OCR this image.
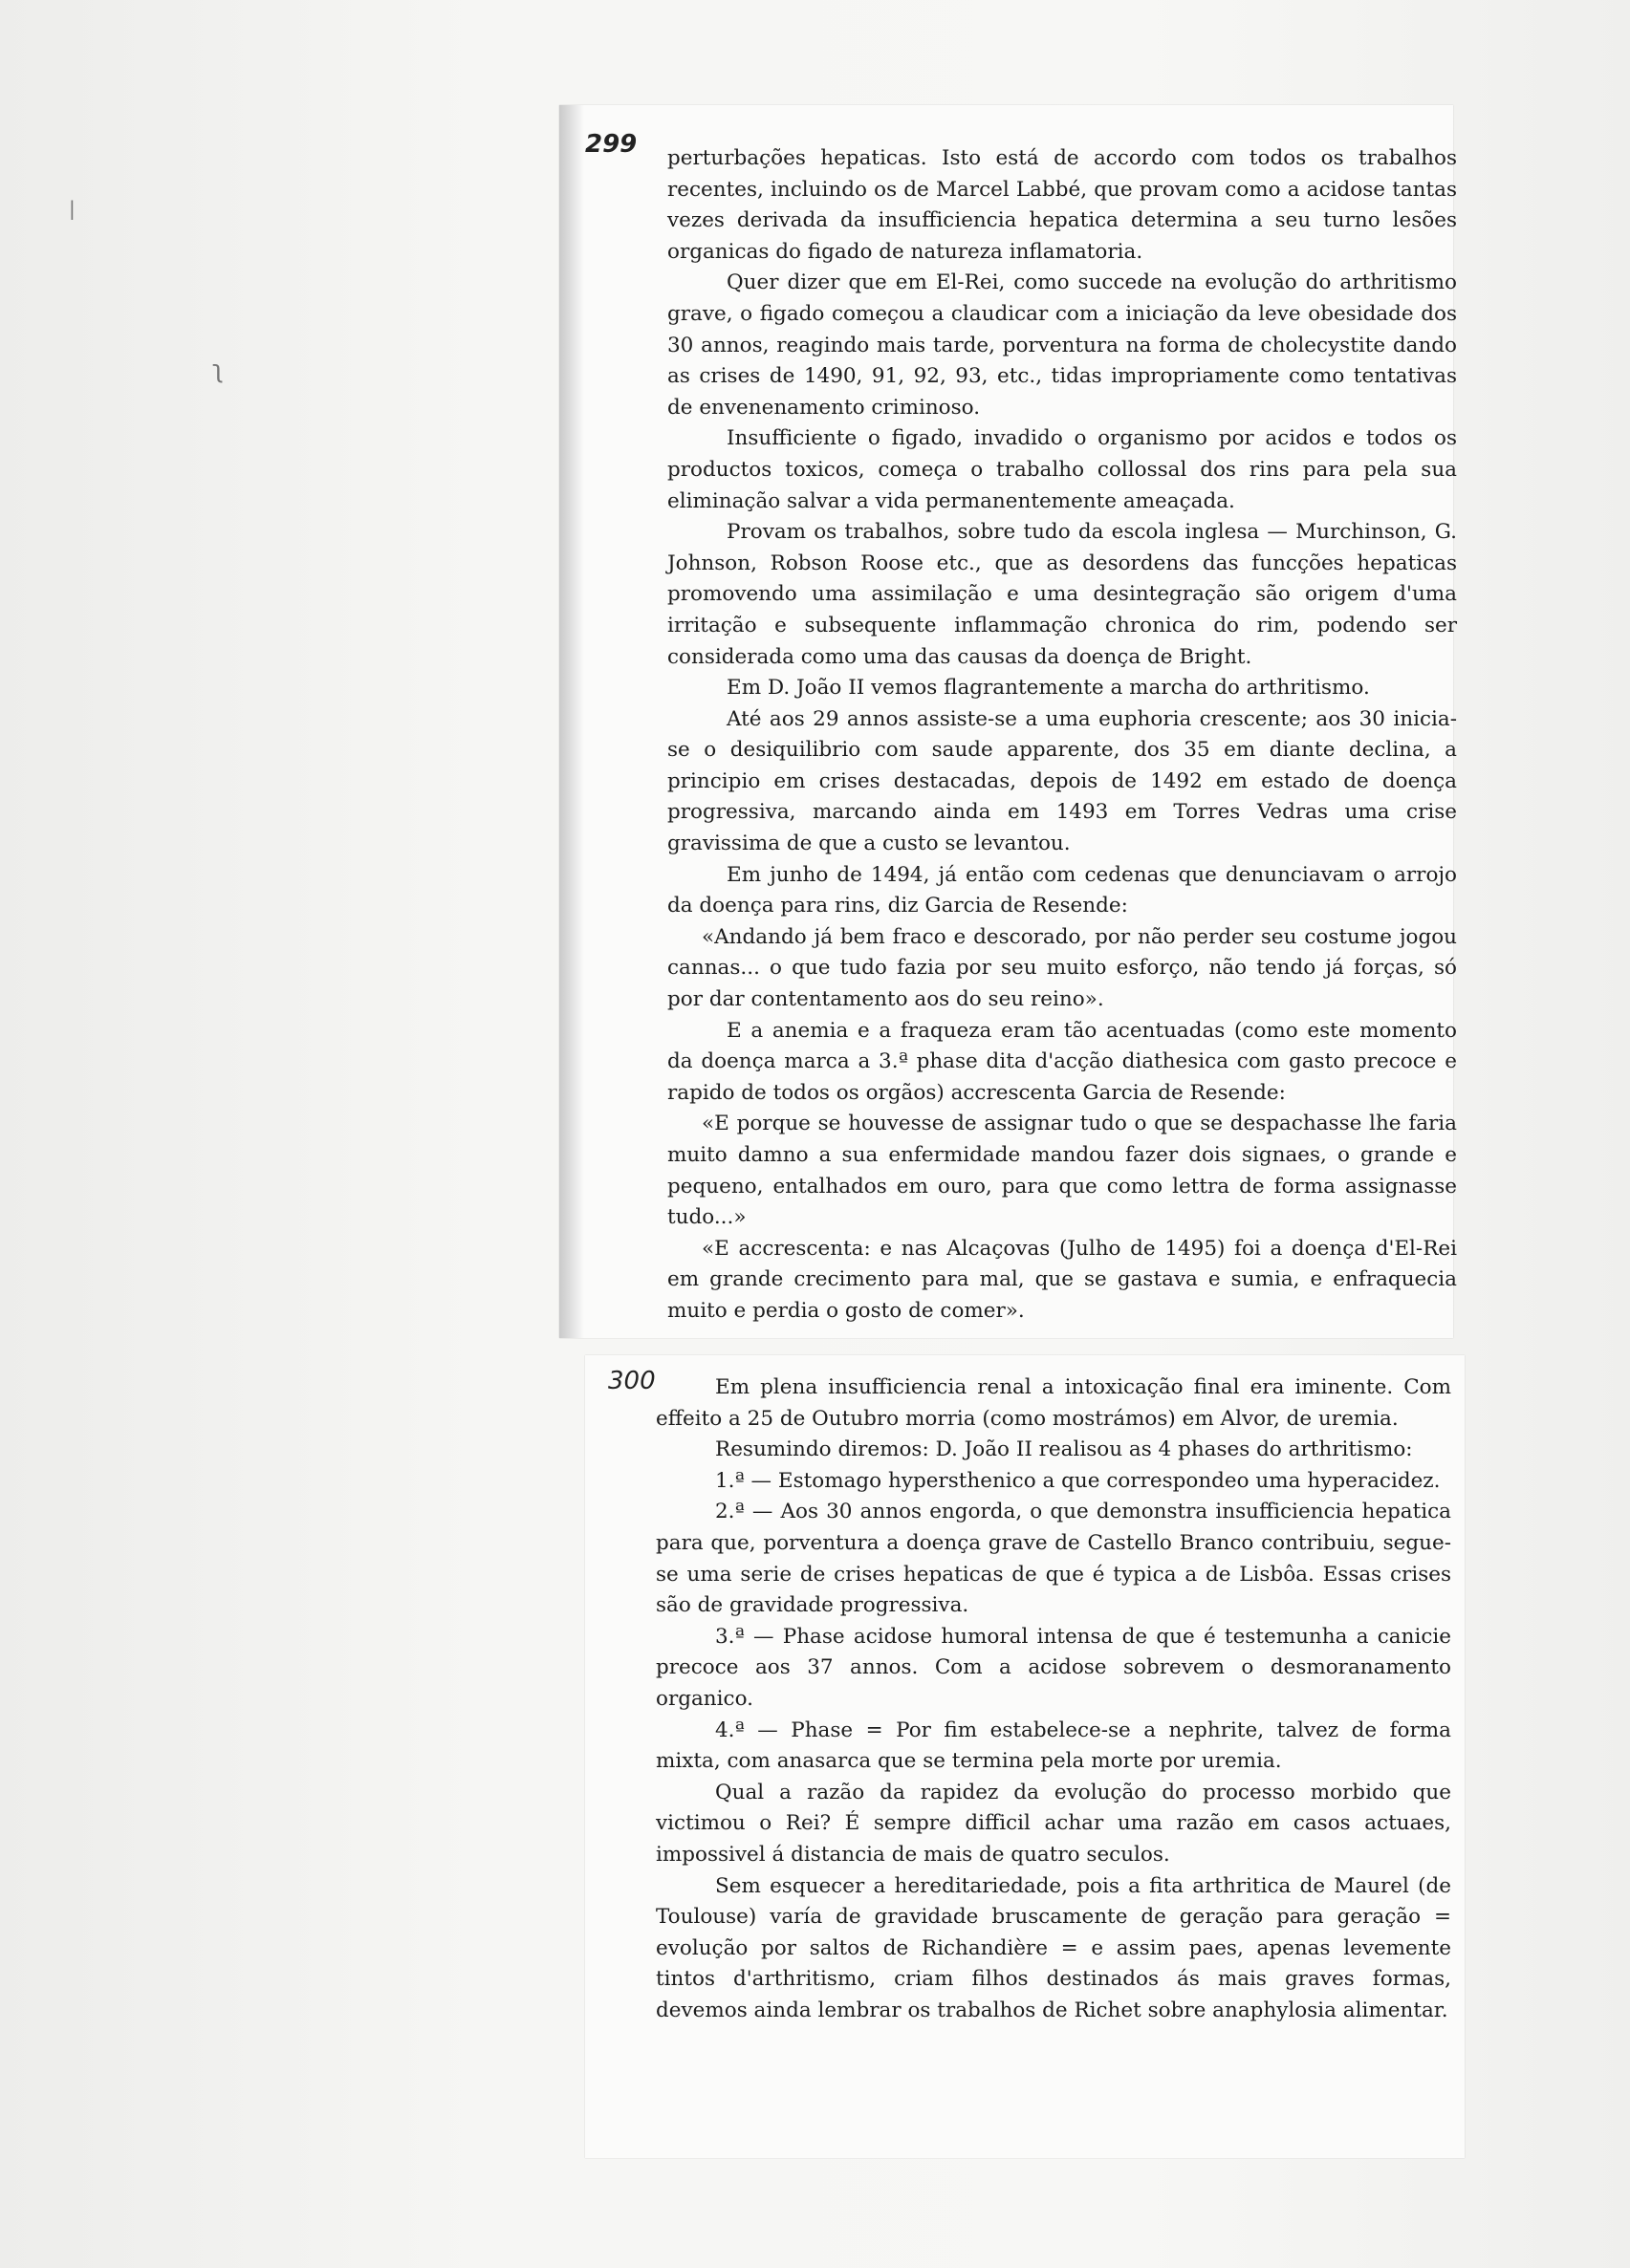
|
ʅ
299
300

perturbações hepaticas. Isto está de accordo com todos os trabalhos recentes, incluindo os de Marcel Labbé, que provam como a acidose tantas vezes derivada da insufficiencia hepatica determina a seu turno lesões organicas do figado de natureza inflamatoria.

Quer dizer que em El-Rei, como succede na evolução do arthritismo grave, o figado começou a claudicar com a iniciação da leve obesidade dos 30 annos, reagindo mais tarde, porventura na forma de cholecystite dando as crises de 1490, 91, 92, 93, etc., tidas impropriamente como tentativas de envenenamento criminoso.

Insufficiente o figado, invadido o organismo por acidos e todos os productos toxicos, começa o trabalho collossal dos rins para pela sua eliminação salvar a vida permanentemente ameaçada.

Provam os trabalhos, sobre tudo da escola inglesa — Murchinson, G. Johnson, Robson Roose etc., que as desordens das funcções hepaticas promovendo uma assimilação e uma desintegração são origem d'uma irritação e subsequente inflammação chronica do rim, podendo ser considerada como uma das causas da doença de Bright.

Em D. João II vemos flagrantemente a marcha do arthritismo.

Até aos 29 annos assiste-se a uma euphoria crescente; aos 30 inicia-se o desiquilibrio com saude apparente, dos 35 em diante declina, a principio em crises destacadas, depois de 1492 em estado de doença progressiva, marcando ainda em 1493 em Torres Vedras uma crise gravissima de que a custo se levantou.

Em junho de 1494, já então com cedenas que denunciavam o arrojo da doença para rins, diz Garcia de Resende:

«Andando já bem fraco e descorado, por não perder seu costume jogou cannas... o que tudo fazia por seu muito esforço, não tendo já forças, só por dar contentamento aos do seu reino».

E a anemia e a fraqueza eram tão acentuadas (como este momento da doença marca a 3.ª phase dita d'acção diathesica com gasto precoce e rapido de todos os orgãos) accrescenta Garcia de Resende:

«E porque se houvesse de assignar tudo o que se despachasse lhe faria muito damno a sua enfermidade mandou fazer dois signaes, o grande e pequeno, entalhados em ouro, para que como lettra de forma assignasse tudo...»

«E accrescenta: e nas Alcaçovas (Julho de 1495) foi a doença d'El-Rei em grande crecimento para mal, que se gastava e sumia, e enfraquecia muito e perdia o gosto de comer».

Em plena insufficiencia renal a intoxicação final era iminente. Com effeito a 25 de Outubro morria (como mostrámos) em Alvor, de uremia.

Resumindo diremos: D. João II realisou as 4 phases do arthritismo:

1.ª — Estomago hypersthenico a que correspondeo uma hyperacidez.

2.ª — Aos 30 annos engorda, o que demonstra insufficiencia hepatica para que, porventura a doença grave de Castello Branco contribuiu, segue-se uma serie de crises hepaticas de que é typica a de Lisbôa. Essas crises são de gravidade progressiva.

3.ª — Phase acidose humoral intensa de que é testemunha a canicie precoce aos 37 annos. Com a acidose sobrevem o desmoranamento organico.

4.ª — Phase = Por fim estabelece-se a nephrite, talvez de forma mixta, com anasarca que se termina pela morte por uremia.

Qual a razão da rapidez da evolução do processo morbido que victimou o Rei? É sempre difficil achar uma razão em casos actuaes, impossivel á distancia de mais de quatro seculos.

Sem esquecer a hereditariedade, pois a fita arthritica de Maurel (de Toulouse) varía de gravidade bruscamente de geração para geração = evolução por saltos de Richandière = e assim paes, apenas levemente tintos d'arthritismo, criam filhos destinados ás mais graves formas, devemos ainda lembrar os trabalhos de Richet sobre anaphylosia alimentar.
